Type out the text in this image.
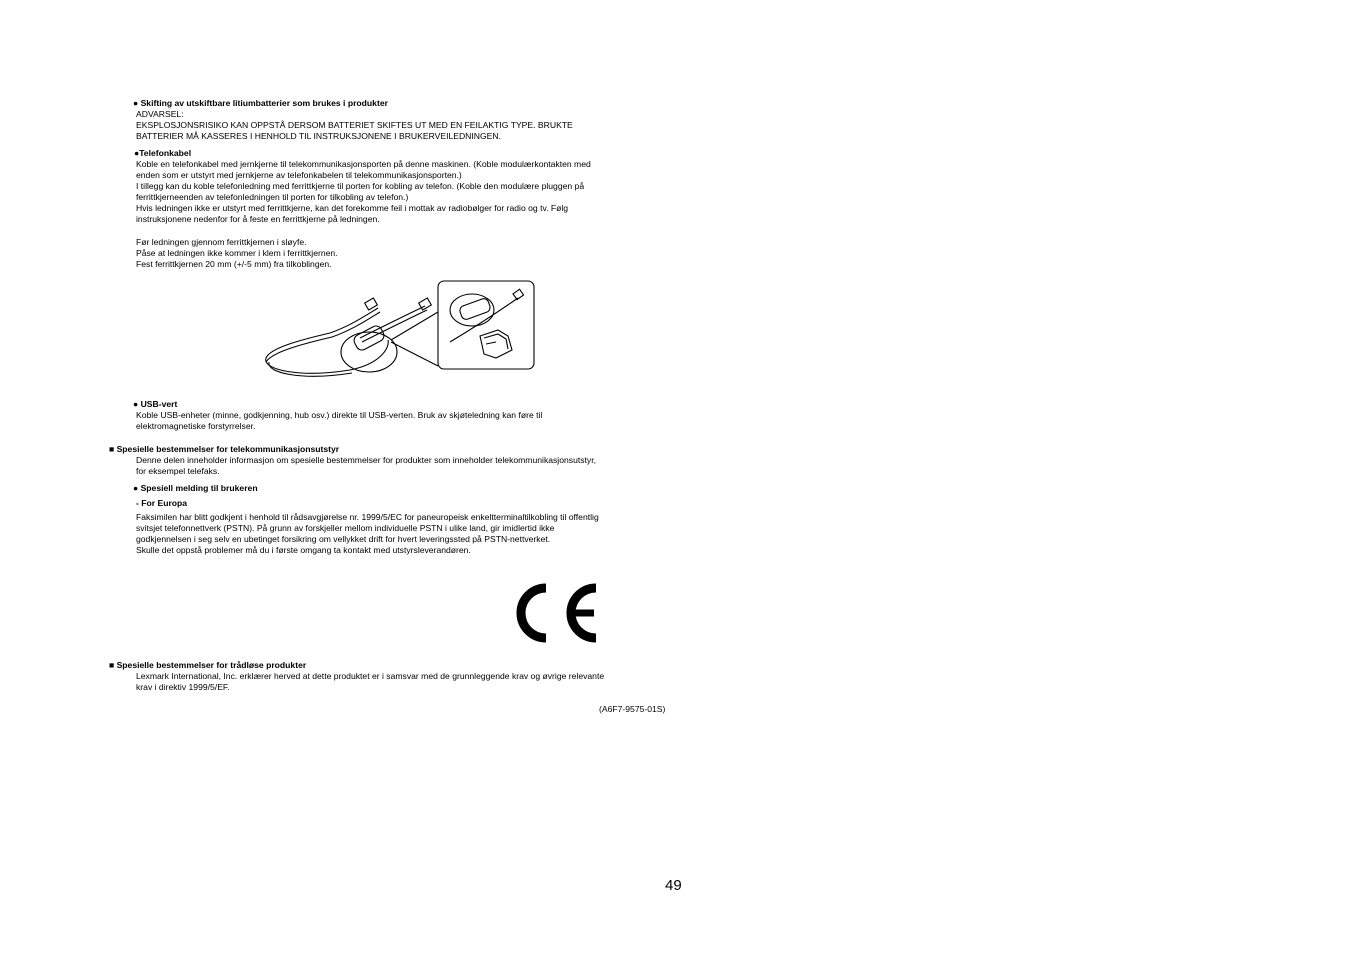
● Skifting av utskiftbare litiumbatterier som brukes i produkter
ADVARSEL:
EKSPLOSJONSRISIKO KAN OPPSTÅ DERSOM BATTERIET SKIFTES UT MED EN FEILAKTIG TYPE. BRUKTE
BATTERIER MÅ KASSERES I HENHOLD TIL INSTRUKSJONENE I BRUKERVEILEDNINGEN.
●Telefonkabel
Koble en telefonkabel med jernkjerne til telekommunikasjonsporten på denne maskinen. (Koble modulærkontakten med
enden som er utstyrt med jernkjerne av telefonkabelen til telekommunikasjonsporten.)
I tillegg kan du koble telefonledning med ferrittkjerne til porten for kobling av telefon. (Koble den modulære pluggen på
ferrittkjerneenden av telefonledningen til porten for tilkobling av telefon.)
Hvis ledningen ikke er utstyrt med ferrittkjerne, kan det forekomme feil i mottak av radiobølger for radio og tv. Følg
instruksjonene nedenfor for å feste en ferrittkjerne på ledningen.
Før ledningen gjennom ferrittkjernen i sløyfe.
Påse at ledningen ikke kommer i klem i ferrittkjernen.
Fest ferrittkjernen 20 mm (+/-5 mm) fra tilkoblingen.
● USB-vert
Koble USB-enheter (minne, godkjenning, hub osv.) direkte til USB-verten. Bruk av skjøteledning kan føre til
elektromagnetiske forstyrrelser.
■ Spesielle bestemmelser for telekommunikasjonsutstyr
Denne delen inneholder informasjon om spesielle bestemmelser for produkter som inneholder telekommunikasjonsutstyr,
for eksempel telefaks.
● Spesiell melding til brukeren
- For Europa
Faksimilen har blitt godkjent i henhold til rådsavgjørelse nr. 1999/5/EC for paneuropeisk enkeltterminaltilkobling til offentlig
svitsjet telefonnettverk (PSTN). På grunn av forskjeller mellom individuelle PSTN i ulike land, gir imidlertid ikke
godkjennelsen i seg selv en ubetinget forsikring om vellykket drift for hvert leveringssted på PSTN-nettverket.
Skulle det oppstå problemer må du i første omgang ta kontakt med utstyrsleverandøren.
■ Spesielle bestemmelser for trådløse produkter
Lexmark International, Inc. erklærer herved at dette produktet er i samsvar med de grunnleggende krav og øvrige relevante
krav i direktiv 1999/5/EF.
(A6F7-9575-01S)
49
